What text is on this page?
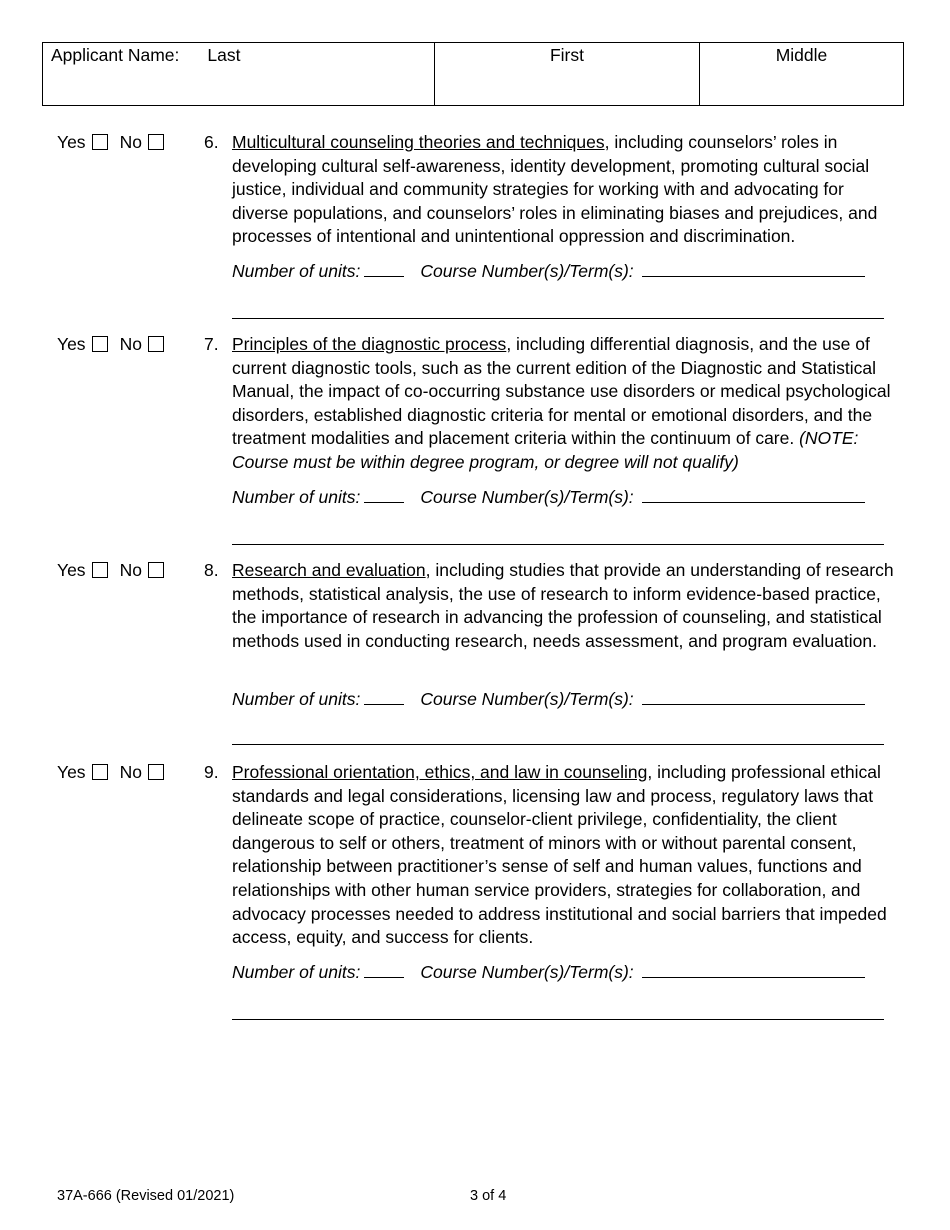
Applicant Name: Last	First	Middle
Yes No	6. Multicultural counseling theories and techniques, including counselors’ roles in developing cultural self-awareness, identity development, promoting cultural social justice, individual and community strategies for working with and advocating for diverse populations, and counselors’ roles in eliminating biases and prejudices, and processes of intentional and unintentional oppression and discrimination.
Number of units:	Course Number(s)/Term(s):
Yes No	7. Principles of the diagnostic process, including differential diagnosis, and the use of current diagnostic tools, such as the current edition of the Diagnostic and Statistical Manual, the impact of co-occurring substance use disorders or medical psychological disorders, established diagnostic criteria for mental or emotional disorders, and the treatment modalities and placement criteria within the continuum of care. (NOTE: Course must be within degree program, or degree will not qualify)
Number of units:	Course Number(s)/Term(s):
Yes No	8. Research and evaluation, including studies that provide an understanding of research methods, statistical analysis, the use of research to inform evidence-based practice, the importance of research in advancing the profession of counseling, and statistical methods used in conducting research, needs assessment, and program evaluation.
Number of units:	Course Number(s)/Term(s):
Yes No	9. Professional orientation, ethics, and law in counseling, including professional ethical standards and legal considerations, licensing law and process, regulatory laws that delineate scope of practice, counselor-client privilege, confidentiality, the client dangerous to self or others, treatment of minors with or without parental consent, relationship between practitioner’s sense of self and human values, functions and relationships with other human service providers, strategies for collaboration, and advocacy processes needed to address institutional and social barriers that impeded access, equity, and success for clients.
Number of units:	Course Number(s)/Term(s):
37A-666 (Revised 01/2021)	3 of 4
